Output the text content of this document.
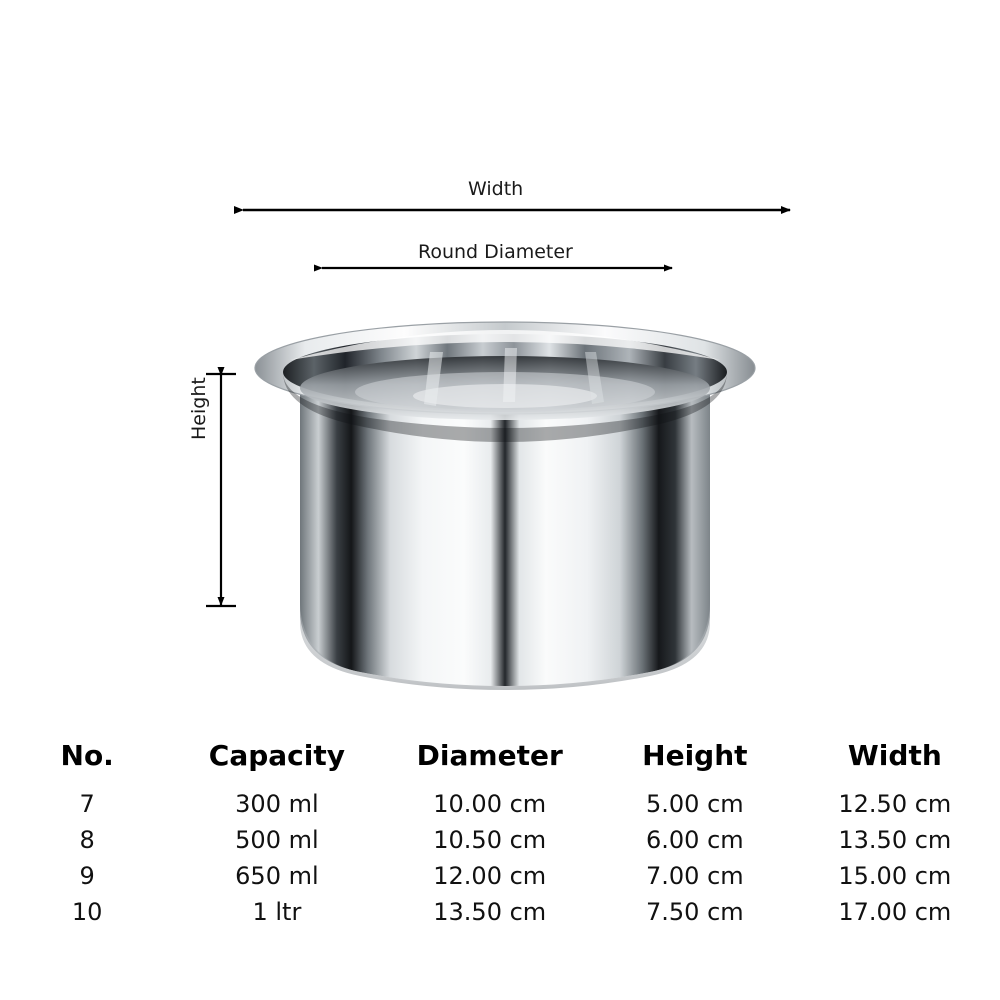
Width
Round Diameter
Height
No.	Capacity	Diameter	Height	Width
7	300 ml	10.00 cm	5.00 cm	12.50 cm
8	500 ml	10.50 cm	6.00 cm	13.50 cm
9	650 ml	12.00 cm	7.00 cm	15.00 cm
10	1 ltr	13.50 cm	7.50 cm	17.00 cm
